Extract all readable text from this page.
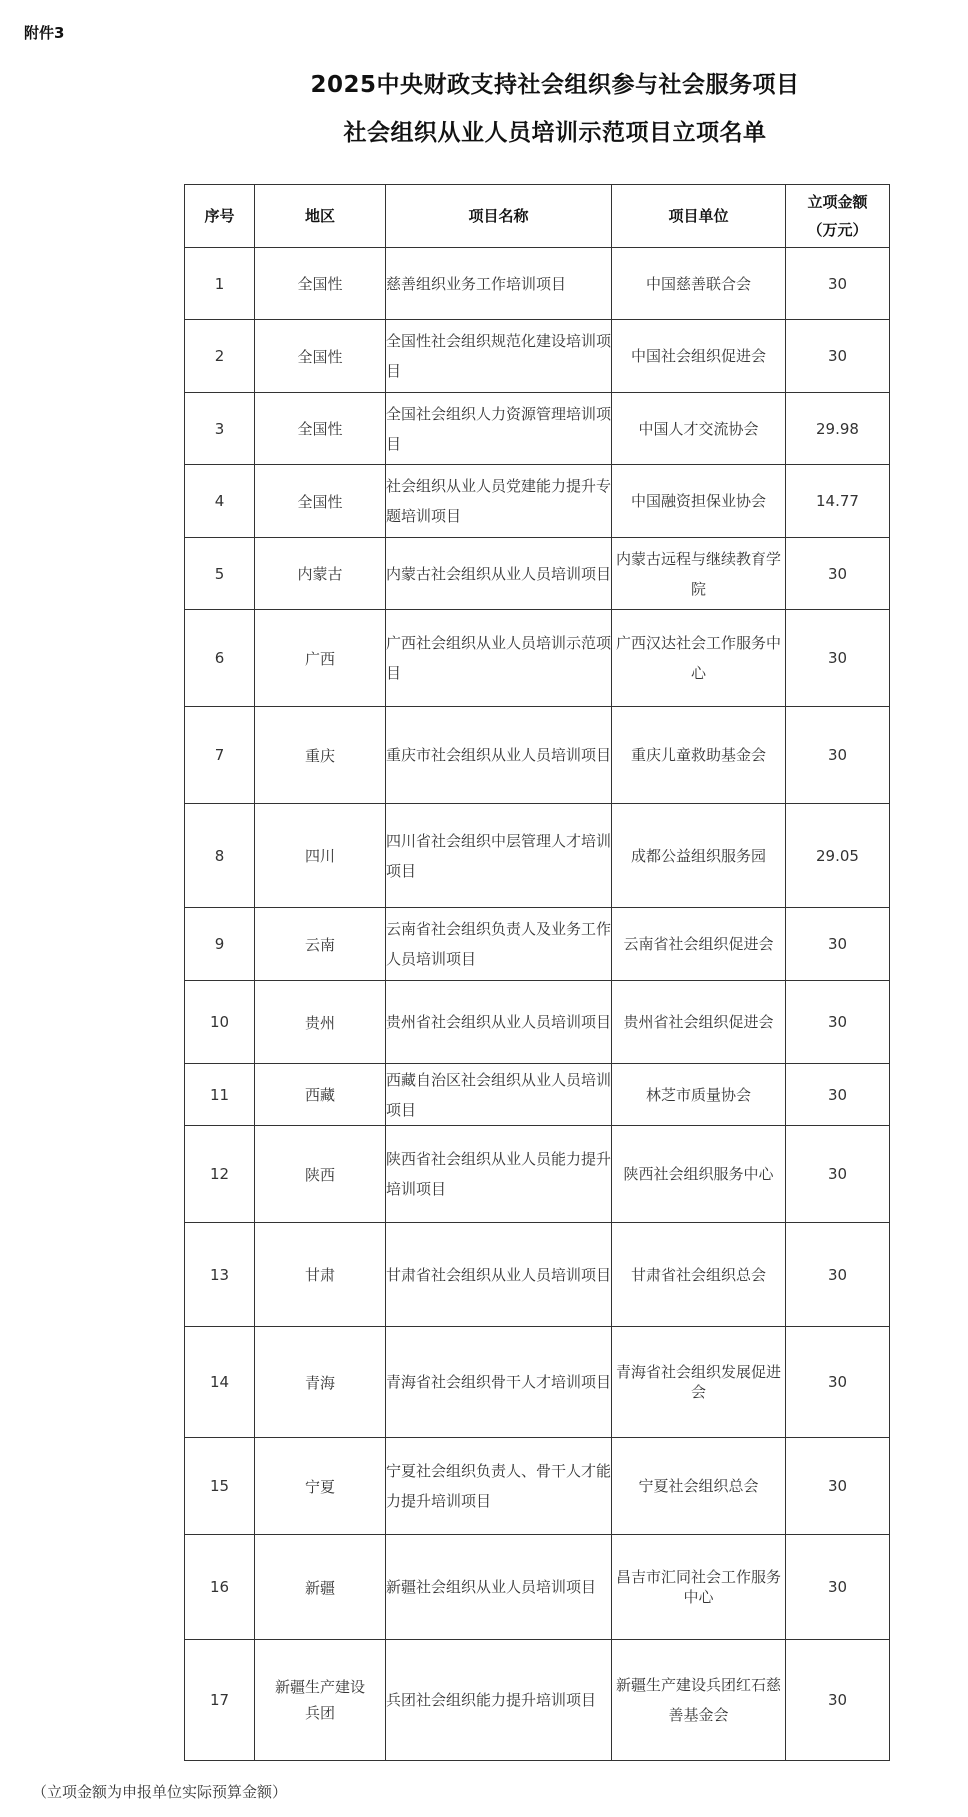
附件3
2025中央财政支持社会组织参与社会服务项目
社会组织从业人员培训示范项目立项名单
序号	地区	项目名称	项目单位	立项金额
（万元）

1	全国性	慈善组织业务工作培训项目	中国慈善联合会	30
2	全国性	全国性社会组织规范化建设培训项目	中国社会组织促进会	30
3	全国性	全国社会组织人力资源管理培训项目	中国人才交流协会	29.98
4	全国性	社会组织从业人员党建能力提升专题培训项目	中国融资担保业协会	14.77
5	内蒙古	内蒙古社会组织从业人员培训项目	内蒙古远程与继续教育学院	30
6	广西	广西社会组织从业人员培训示范项目	广西汉达社会工作服务中心	30
7	重庆	重庆市社会组织从业人员培训项目	重庆儿童救助基金会	30
8	四川	四川省社会组织中层管理人才培训项目	成都公益组织服务园	29.05
9	云南	云南省社会组织负责人及业务工作人员培训项目	云南省社会组织促进会	30
10	贵州	贵州省社会组织从业人员培训项目	贵州省社会组织促进会	30
11	西藏	西藏自治区社会组织从业人员培训项目	林芝市质量协会	30
12	陕西	陕西省社会组织从业人员能力提升培训项目	陕西社会组织服务中心	30
13	甘肃	甘肃省社会组织从业人员培训项目	甘肃省社会组织总会	30
14	青海	青海省社会组织骨干人才培训项目	青海省社会组织发展促进会	30
15	宁夏	宁夏社会组织负责人、骨干人才能力提升培训项目	宁夏社会组织总会	30
16	新疆	新疆社会组织从业人员培训项目	昌吉市汇同社会工作服务中心	30
17	新疆生产建设兵团	兵团社会组织能力提升培训项目	新疆生产建设兵团红石慈善基金会	30
（立项金额为申报单位实际预算金额）
